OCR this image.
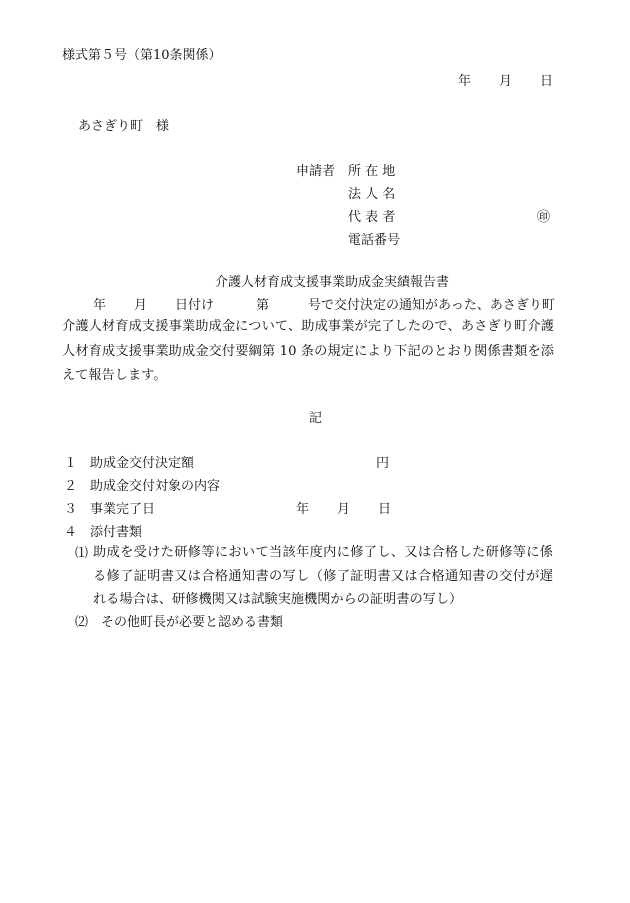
様式第５号（第10条関係）
年 月 日
あさぎり町　様
申請者 所 在 地
法 人 名
代 表 者	㊞
電話番号
介護人材育成支援事業助成金実績報告書
年 月 日付け	第	号で交付決定の通知があった、あさぎり町
介護人材育成支援事業助成金について、助成事業が完了したので、あさぎり町介護人材育成支援事業助成金交付要綱第 10 条の規定により下記のとおり関係書類を添えて報告します。
記
１ 助成金交付決定額	円
２ 助成金交付対象の内容
３ 事業完了日	年 月 日
４ 添付書類
⑴ 助成を受けた研修等において当該年度内に修了し、又は合格した研修等に係る修了証明書又は合格通知書の写し（修了証明書又は合格通知書の交付が遅れる場合は、研修機関又は試験実施機関からの証明書の写し）
⑵ その他町長が必要と認める書類
